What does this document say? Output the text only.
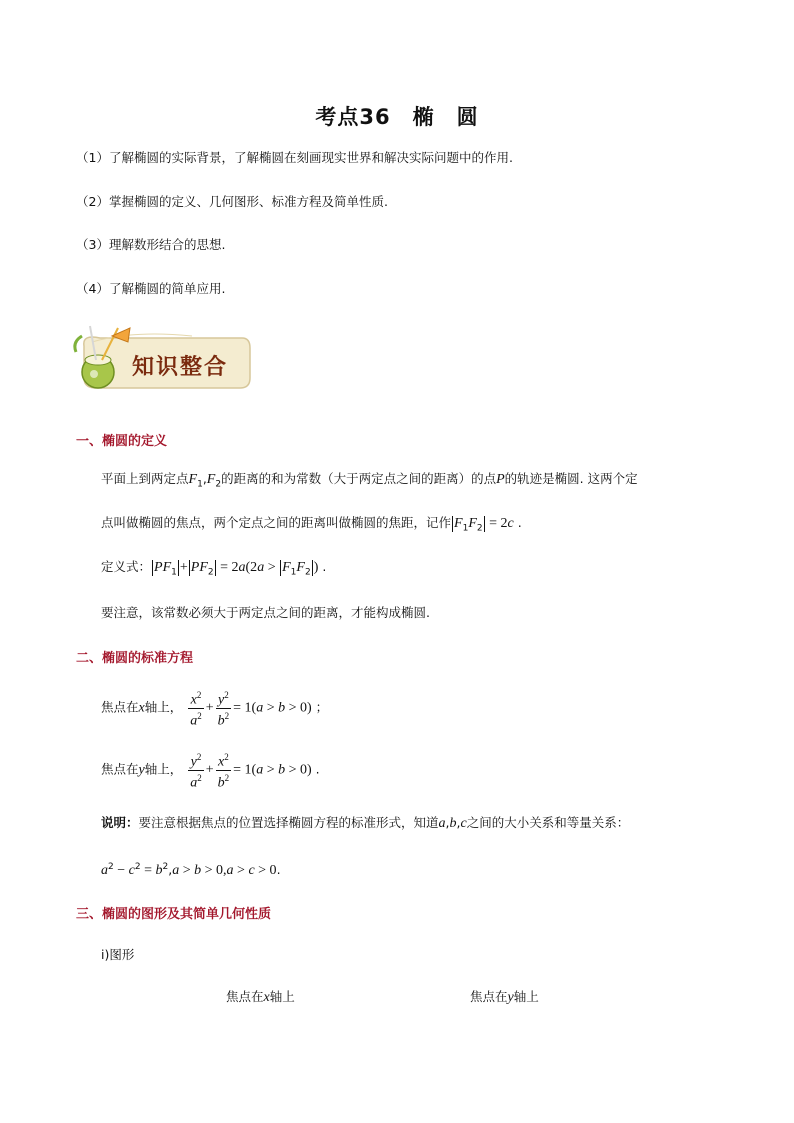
考点36　椭　圆
（1）了解椭圆的实际背景，了解椭圆在刻画现实世界和解决实际问题中的作用.
（2）掌握椭圆的定义、几何图形、标准方程及简单性质.
（3）理解数形结合的思想.
（4）了解椭圆的简单应用.
知识整合
一、椭圆的定义
平面上到两定点$F_1,F_2$的距离的和为常数（大于两定点之间的距离）的点P的轨迹是椭圆. 这两个定
点叫做椭圆的焦点，两个定点之间的距离叫做椭圆的焦距，记作 $F_1F_2 = 2c$ .
定义式： $PF_1 + PF_2 = 2a(2a > F_1F_2$ ) .
要注意，该常数必须大于两定点之间的距离，才能构成椭圆.
二、椭圆的标准方程
焦点在x轴上， $\frac{x^2}{a^2} + \frac{y^2}{b^2} = 1(a > b > 0)$ ；
焦点在y轴上， $\frac{y^2}{a^2} + \frac{x^2}{b^2} = 1(a > b > 0)$ .
说明：要注意根据焦点的位置选择椭圆方程的标准形式，知道a,b,c之间的大小关系和等量关系：
$a^2 - c^2 = b^2,a > b > 0,a > c > 0$.
三、椭圆的图形及其简单几何性质
i)图形
焦点在x轴上	焦点在y轴上
